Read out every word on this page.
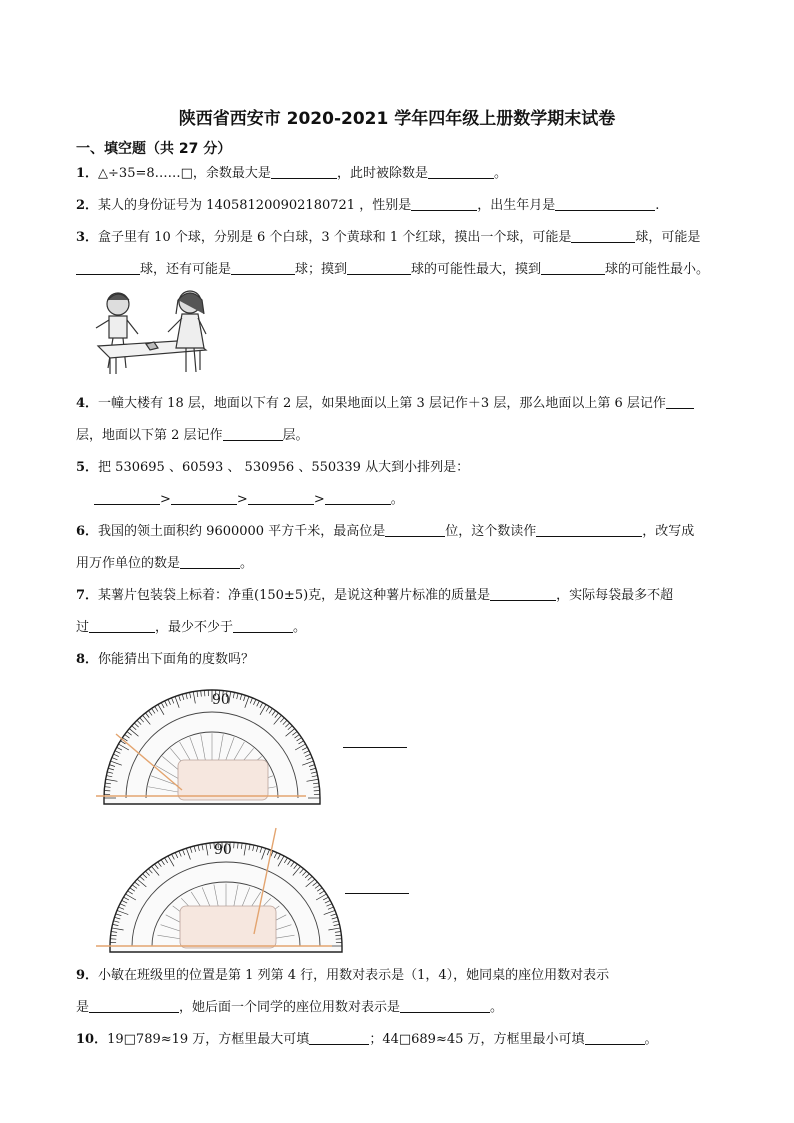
陕西省西安市 2020-2021 学年四年级上册数学期末试卷
一、填空题（共 27 分）
1．△÷35=8……□，余数最大是	，此时被除数是	。
2．某人的身份证号为 140581200902180721 ，性别是	，出生年月是	.
3．盒子里有 10 个球，分别是 6 个白球，3 个黄球和 1 个红球，摸出一个球，可能是	球，可能是
球，还有可能是	球；摸到	球的可能性最大，摸到	球的可能性最小。
4．一幢大楼有 18 层，地面以下有 2 层，如果地面以上第 3 层记作＋3 层，那么地面以上第 6 层记作
层，地面以下第 2 层记作	层。
5．把 530695 、60593 、 530956 、550339 从大到小排列是：
>	>	>	。
6．我国的领土面积约 9600000 平方千米，最高位是	位，这个数读作	，改写成
用万作单位的数是	。
7．某薯片包装袋上标着：净重(150±5)克，是说这种薯片标准的质量是	，实际每袋最多不超
过	，最少不少于	。
8．你能猜出下面角的度数吗？
90
90
9．小敏在班级里的位置是第 1 列第 4 行，用数对表示是（1，4），她同桌的座位用数对表示
是	，她后面一个同学的座位用数对表示是	。
10．19□789≈19 万，方框里最大可填	；44□689≈45 万，方框里最小可填	。
